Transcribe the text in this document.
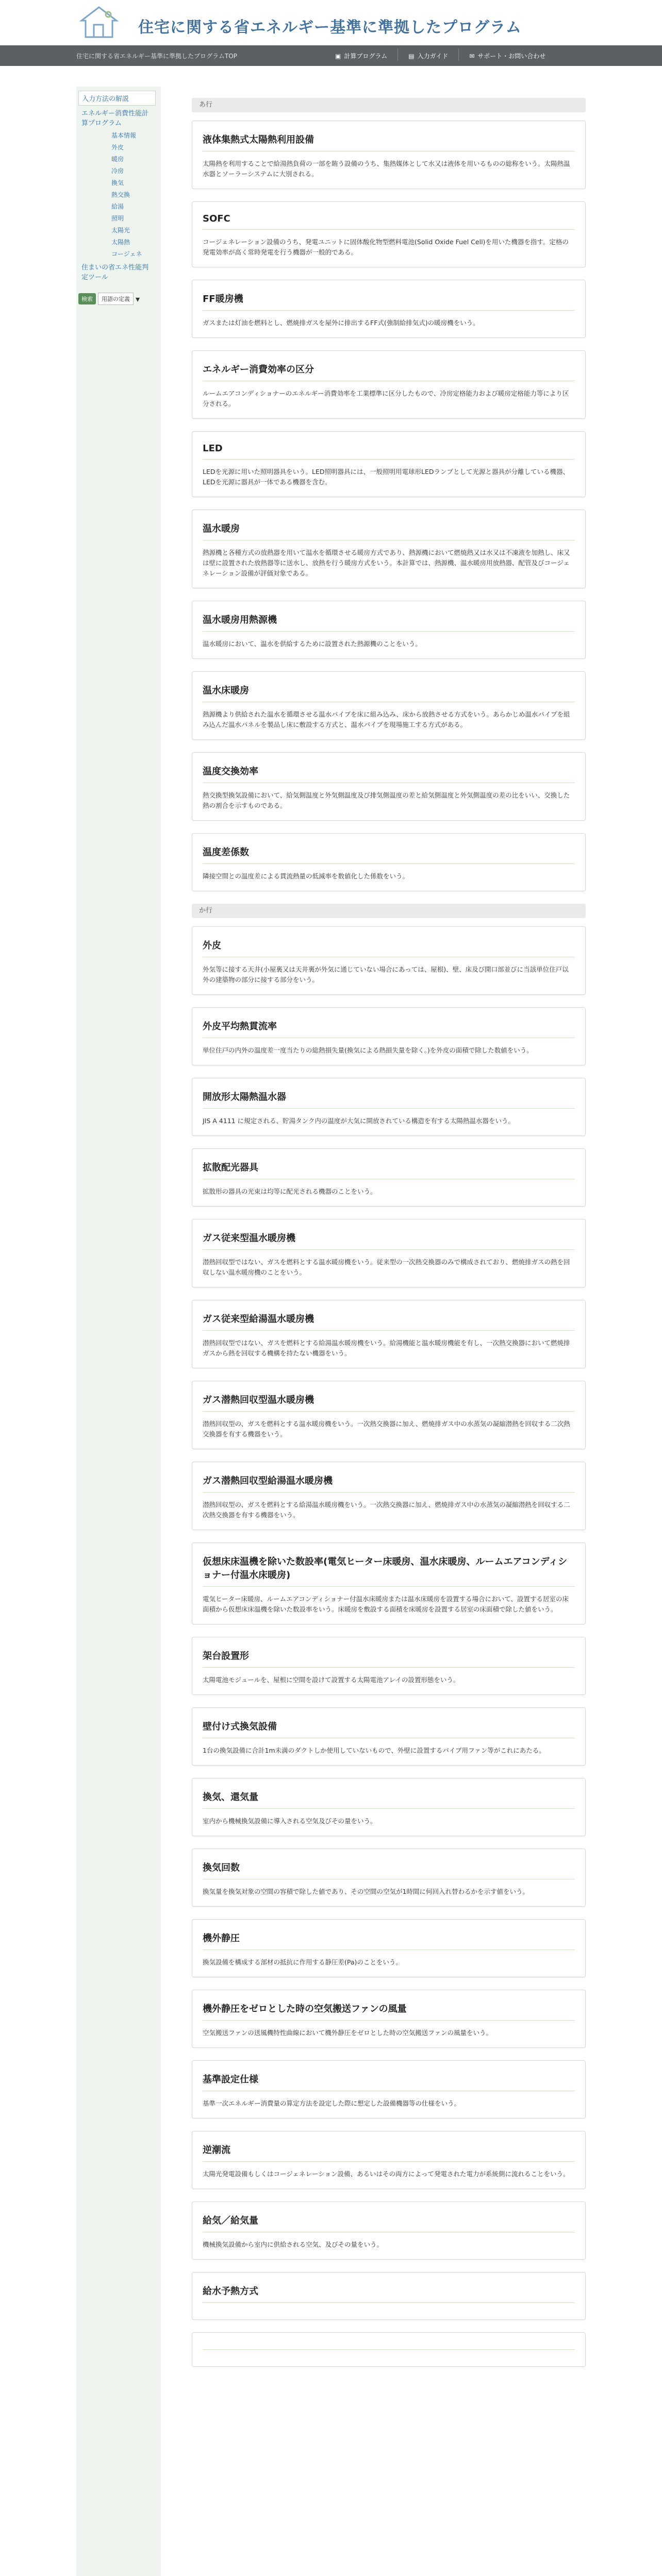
住宅に関する省エネルギー基準に準拠したプログラム
住宅に関する省エネルギー基準に準拠したプログラムTOP	▣ 計算プログラム	▤ 入力ガイド	✉ サポート・お問い合わせ
入力方法の解説
エネルギー消費性能計算プログラム
基本情報
外皮
暖房
冷房
換気
熱交換
給湯
照明
太陽光
太陽熱
コージェネ
住まいの省エネ性能判定ツール
検索	用語の定義 ▾
あ行
液体集熱式太陽熱利用設備

太陽熱を利用することで給湯熱負荷の一部を賄う設備のうち、集熱媒体として水又は液体を用いるものの総称をいう。太陽熱温水器とソーラーシステムに大別される。

SOFC

コージェネレーション設備のうち、発電ユニットに固体酸化物型燃料電池(Solid Oxide Fuel Cell)を用いた機器を指す。定格の発電効率が高く常時発電を行う機器が一般的である。

FF暖房機

ガスまたは灯油を燃料とし、燃焼排ガスを屋外に排出するFF式(強制給排気式)の暖房機をいう。

エネルギー消費効率の区分

ルームエアコンディショナーのエネルギー消費効率を工業標準に区分したもので、冷房定格能力および暖房定格能力等により区分される。

LED

LEDを光源に用いた照明器具をいう。LED照明器具には、一般照明用電球形LEDランプとして光源と器具が分離している機器、LEDを光源に器具が一体である機器を含む。

温水暖房

熱源機と各種方式の放熱器を用いて温水を循環させる暖房方式であり、熱源機において燃焼熱又は水又は不凍液を加熱し、床又は壁に設置された放熱器等に送水し、放熱を行う暖房方式をいう。本計算では、熱源機、温水暖房用放熱器、配管及びコージェネレーション設備が評価対象である。

温水暖房用熱源機

温水暖房において、温水を供給するために設置された熱源機のことをいう。

温水床暖房

熱源機より供給された温水を循環させる温水パイプを床に組み込み、床から放熱させる方式をいう。あらかじめ温水パイプを組み込んだ温水パネルを製品し床に敷設する方式と、温水パイプを現場施工する方式がある。

温度交換効率

熱交換型換気設備において、給気側温度と外気側温度及び排気側温度の差と給気側温度と外気側温度の差の比をいい、交換した熱の割合を示すものである。

温度差係数

隣接空間との温度差による貫流熱量の低減率を数値化した係数をいう。

か行
外皮

外気等に接する天井(小屋裏又は天井裏が外気に通じていない場合にあっては、屋根)、壁、床及び開口部並びに当該単位住戸以外の建築物の部分に接する部分をいう。

外皮平均熱貫流率

単位住戸の内外の温度差一度当たりの総熱損失量(換気による熱損失量を除く。)を外皮の面積で除した数値をいう。

開放形太陽熱温水器

JIS A 4111 に規定される、貯湯タンク内の温度が大気に開放されている構造を有する太陽熱温水器をいう。

拡散配光器具

拡散形の器具の光束は均等に配光される機器のことをいう。

ガス従来型温水暖房機

潜熱回収型ではない、ガスを燃料とする温水暖房機をいう。従来型の一次熱交換器のみで構成されており、燃焼排ガスの熱を回収しない温水暖房機のことをいう。

ガス従来型給湯温水暖房機

潜熱回収型ではない、ガスを燃料とする給湯温水暖房機をいう。給湯機能と温水暖房機能を有し、一次熱交換器において燃焼排ガスから熱を回収する機構を持たない機器をいう。

ガス潜熱回収型温水暖房機

潜熱回収型の、ガスを燃料とする温水暖房機をいう。一次熱交換器に加え、燃焼排ガス中の水蒸気の凝縮潜熱を回収する二次熱交換器を有する機器をいう。

ガス潜熱回収型給湯温水暖房機

潜熱回収型の、ガスを燃料とする給湯温水暖房機をいう。一次熱交換器に加え、燃焼排ガス中の水蒸気の凝縮潜熱を回収する二次熱交換器を有する機器をいう。

仮想床床温機を除いた数設率(電気ヒーター床暖房、温水床暖房、ルームエアコンディショナー付温水床暖房)

電気ヒーター床暖房、ルームエアコンディショナー付温水床暖房または温水床暖房を設置する場合において、設置する居室の床面積から仮想床床温機を除いた数設率をいう。床暖房を敷設する面積を床暖房を設置する居室の床面積で除した値をいう。

架台設置形

太陽電池モジュールを、屋根に空間を設けて設置する太陽電池アレイの設置形態をいう。

壁付け式換気設備

1台の換気設備に合計1m未満のダクトしか使用していないもので、外壁に設置するパイプ用ファン等がこれにあたる。

換気、還気量

室内から機械換気設備に導入される空気及びその量をいう。

換気回数

換気量を換気対象の空間の容積で除した値であり、その空間の空気が1時間に何回入れ替わるかを示す値をいう。

機外静圧

換気設備を構成する部材の抵抗に作用する静圧差(Pa)のことをいう。

機外静圧をゼロとした時の空気搬送ファンの風量

空気搬送ファンの送風機特性曲線において機外静圧をゼロとした時の空気搬送ファンの風量をいう。

基準設定仕様

基準一次エネルギー消費量の算定方法を設定した際に想定した設備機器等の仕様をいう。

逆潮流

太陽光発電設備もしくはコージェネレーション設備、あるいはその両方によって発電された電力が系統側に流れることをいう。

給気／給気量

機械換気設備から室内に供給される空気、及びその量をいう。

給水予熱方式
